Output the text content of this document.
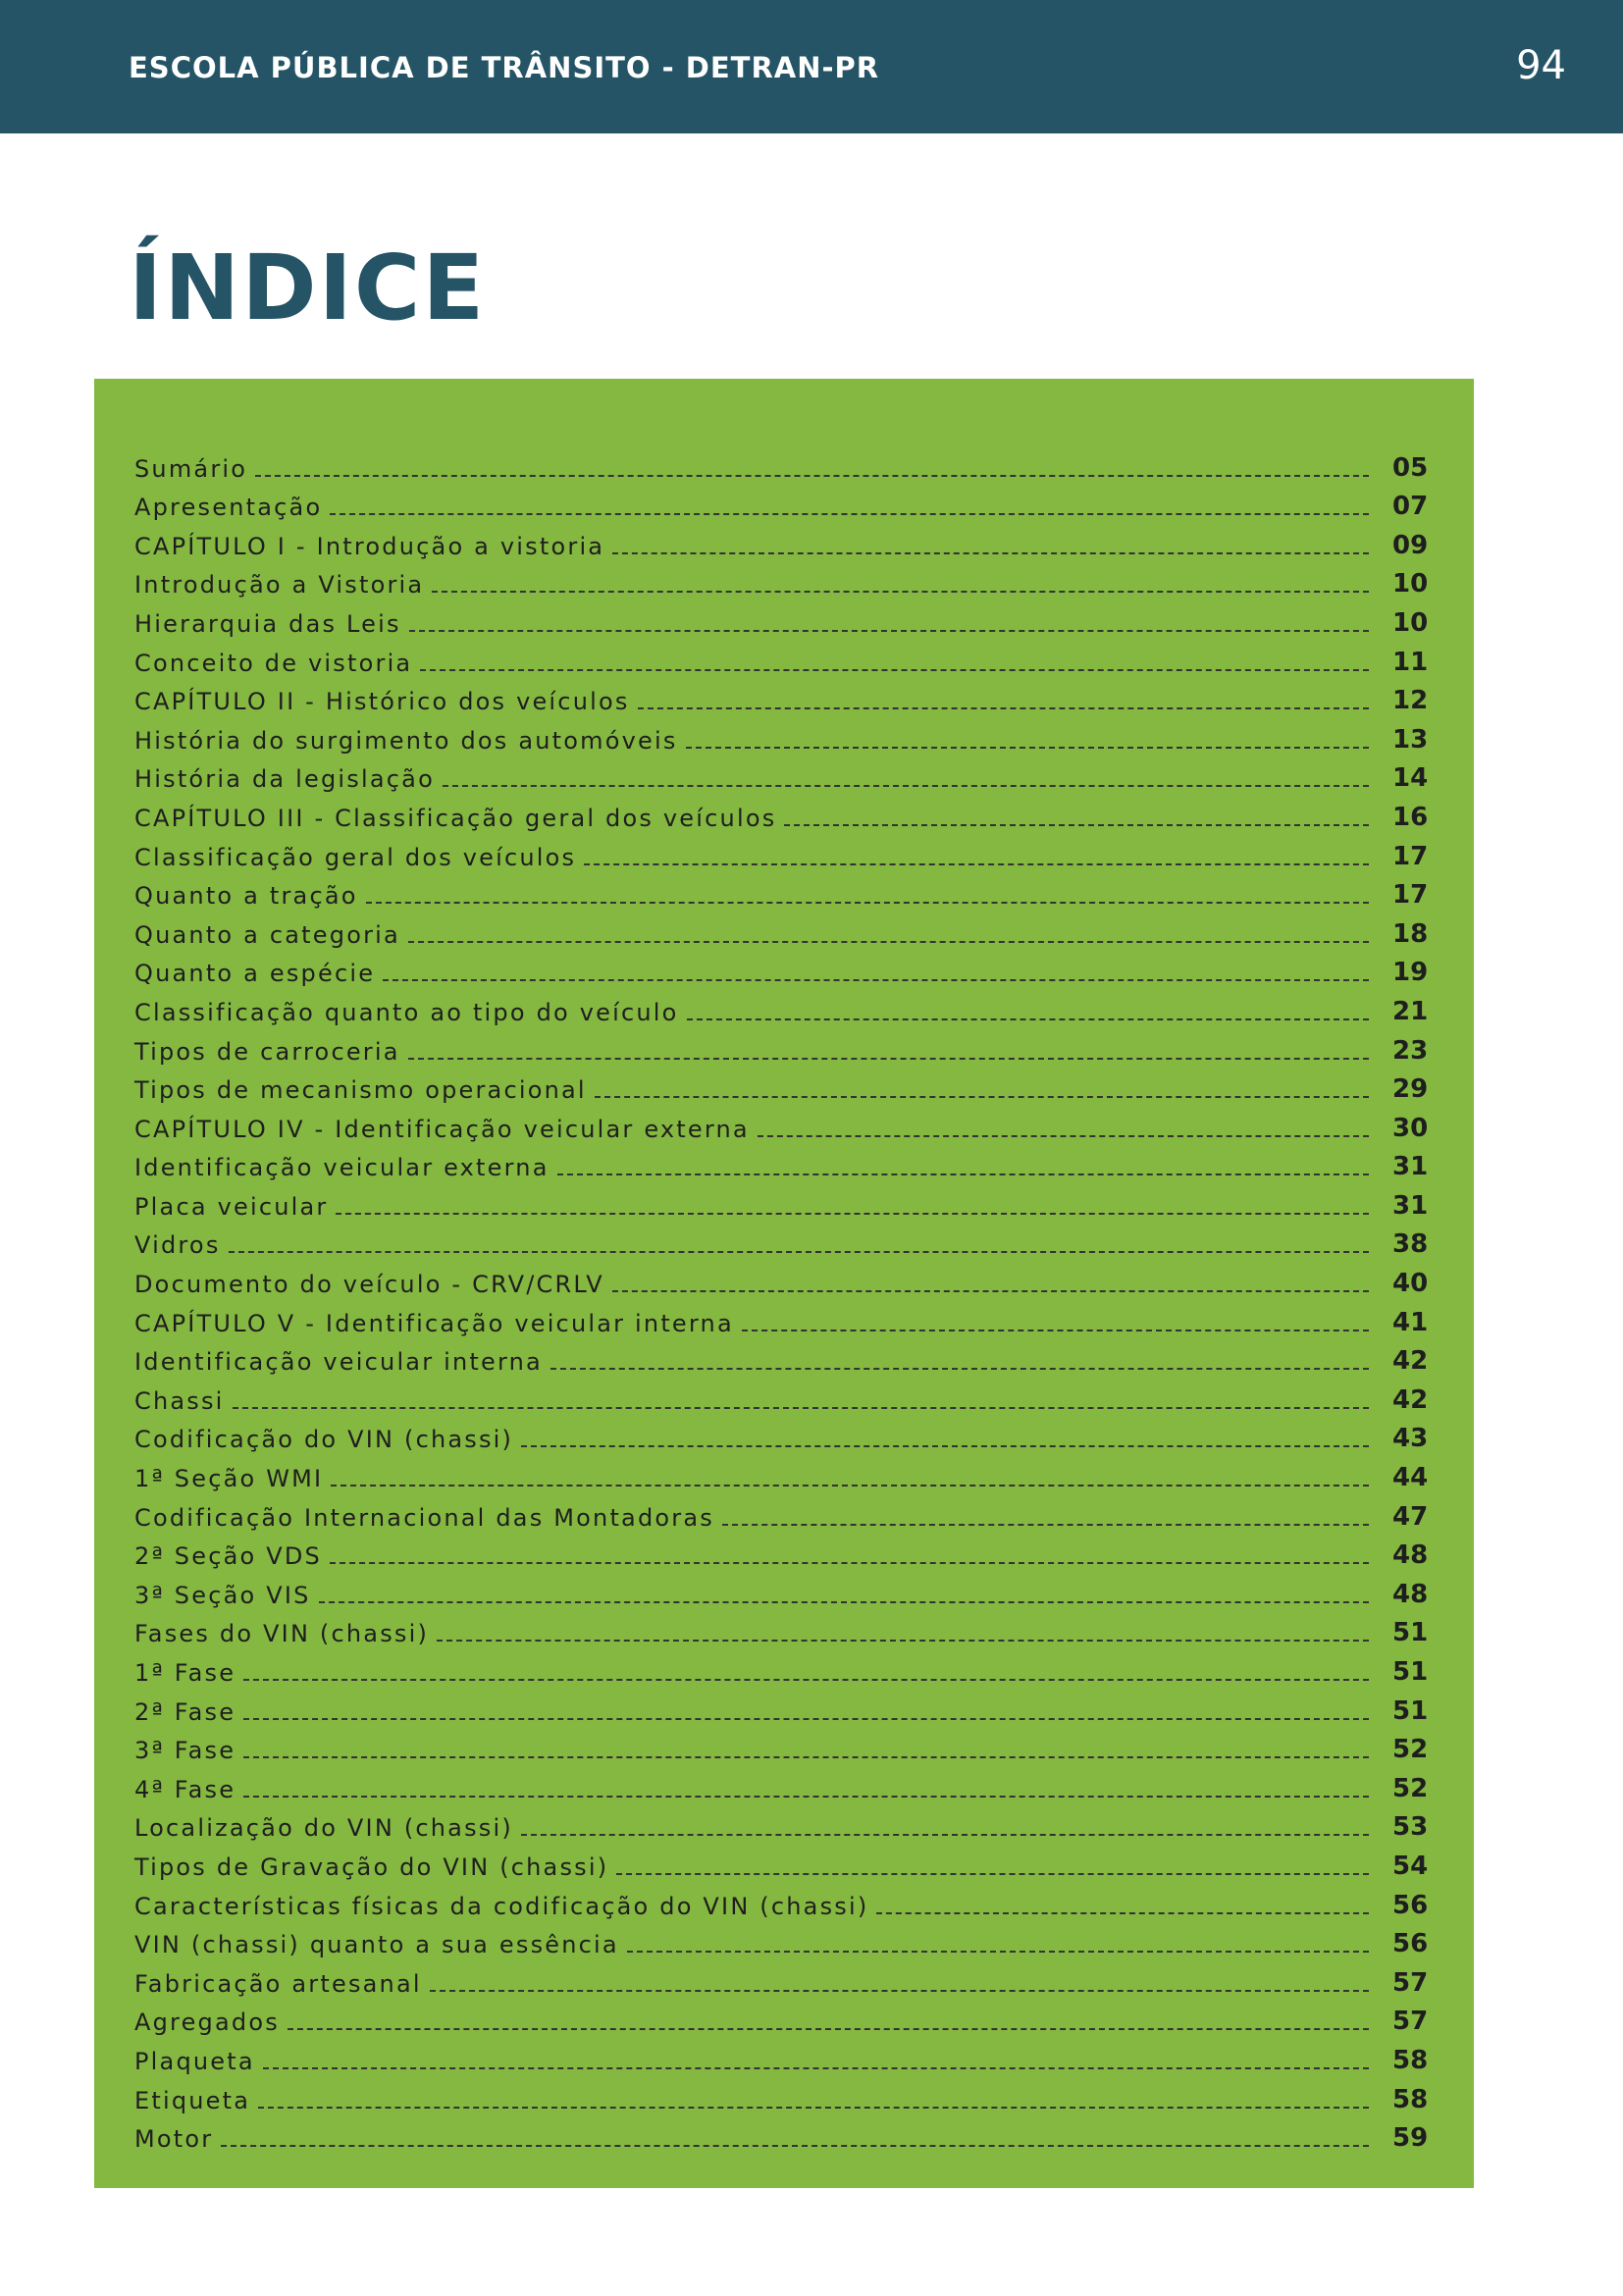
ESCOLA PÚBLICA DE TRÂNSITO - DETRAN-PR	94
ÍNDICE
Sumário	05
Apresentação	07
CAPÍTULO I - Introdução a vistoria	09
Introdução a Vistoria	10
Hierarquia das Leis	10
Conceito de vistoria	11
CAPÍTULO II - Histórico dos veículos	12
História do surgimento dos automóveis	13
História da legislação	14
CAPÍTULO III - Classificação geral dos veículos	16
Classificação geral dos veículos	17
Quanto a tração	17
Quanto a categoria	18
Quanto a espécie	19
Classificação quanto ao tipo do veículo	21
Tipos de carroceria	23
Tipos de mecanismo operacional	29
CAPÍTULO IV - Identificação veicular externa	30
Identificação veicular externa	31
Placa veicular	31
Vidros	38
Documento do veículo - CRV/CRLV	40
CAPÍTULO V - Identificação veicular interna	41
Identificação veicular interna	42
Chassi	42
Codificação do VIN (chassi)	43
1ª Seção WMI	44
Codificação Internacional das Montadoras	47
2ª Seção VDS	48
3ª Seção VIS	48
Fases do VIN (chassi)	51
1ª Fase	51
2ª Fase	51
3ª Fase	52
4ª Fase	52
Localização do VIN (chassi)	53
Tipos de Gravação do VIN (chassi)	54
Características físicas da codificação do VIN (chassi)	56
VIN (chassi) quanto a sua essência	56
Fabricação artesanal	57
Agregados	57
Plaqueta	58
Etiqueta	58
Motor	59
